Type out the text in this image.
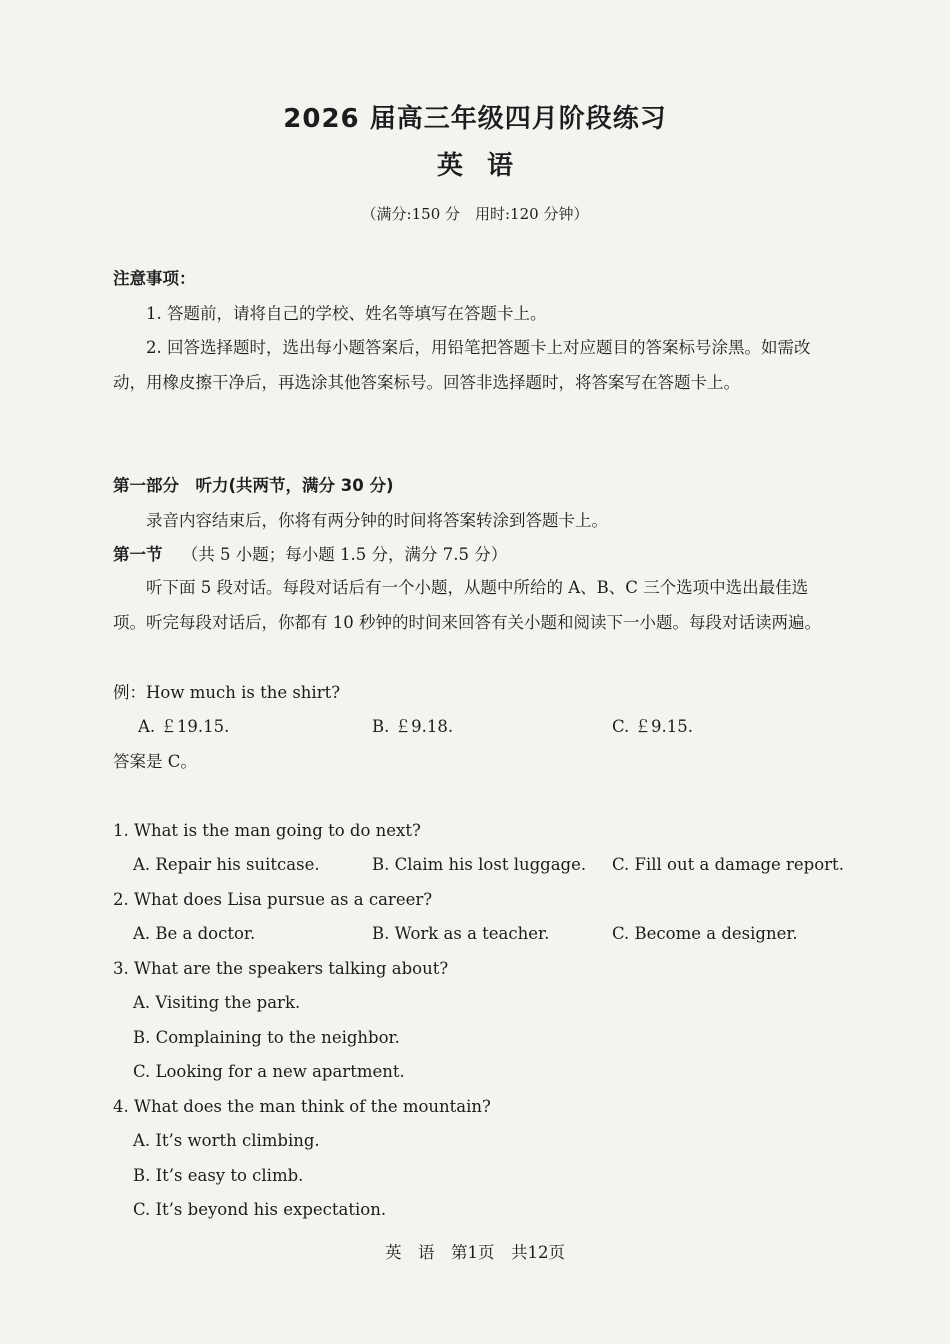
2026 届高三年级四月阶段练习
英语
（满分:150 分　用时:120 分钟）
注意事项：
1. 答题前，请将自己的学校、姓名等填写在答题卡上。
2. 回答选择题时，选出每小题答案后，用铅笔把答题卡上对应题目的答案标号涂黑。如需改动，用橡皮擦干净后，再选涂其他答案标号。回答非选择题时，将答案写在答题卡上。
第一部分　听力(共两节，满分 30 分)
录音内容结束后，你将有两分钟的时间将答案转涂到答题卡上。
第一节 （共 5 小题；每小题 1.5 分，满分 7.5 分）
听下面 5 段对话。每段对话后有一个小题，从题中所给的 A、B、C 三个选项中选出最佳选项。听完每段对话后，你都有 10 秒钟的时间来回答有关小题和阅读下一小题。每段对话读两遍。
例：How much is the shirt?
A. ￡19.15.	B. ￡9.18.	C. ￡9.15.
答案是 C。
1. What is the man going to do next?
A. Repair his suitcase.	B. Claim his lost luggage. C. Fill out a damage report.
2. What does Lisa pursue as a career?
A. Be a doctor.	B. Work as a teacher.	C. Become a designer.
3. What are the speakers talking about?
A. Visiting the park.
B. Complaining to the neighbor.
C. Looking for a new apartment.
4. What does the man think of the mountain?
A. It’s worth climbing.
B. It’s easy to climb.
C. It’s beyond his expectation.
英　语　第1页　共12页
